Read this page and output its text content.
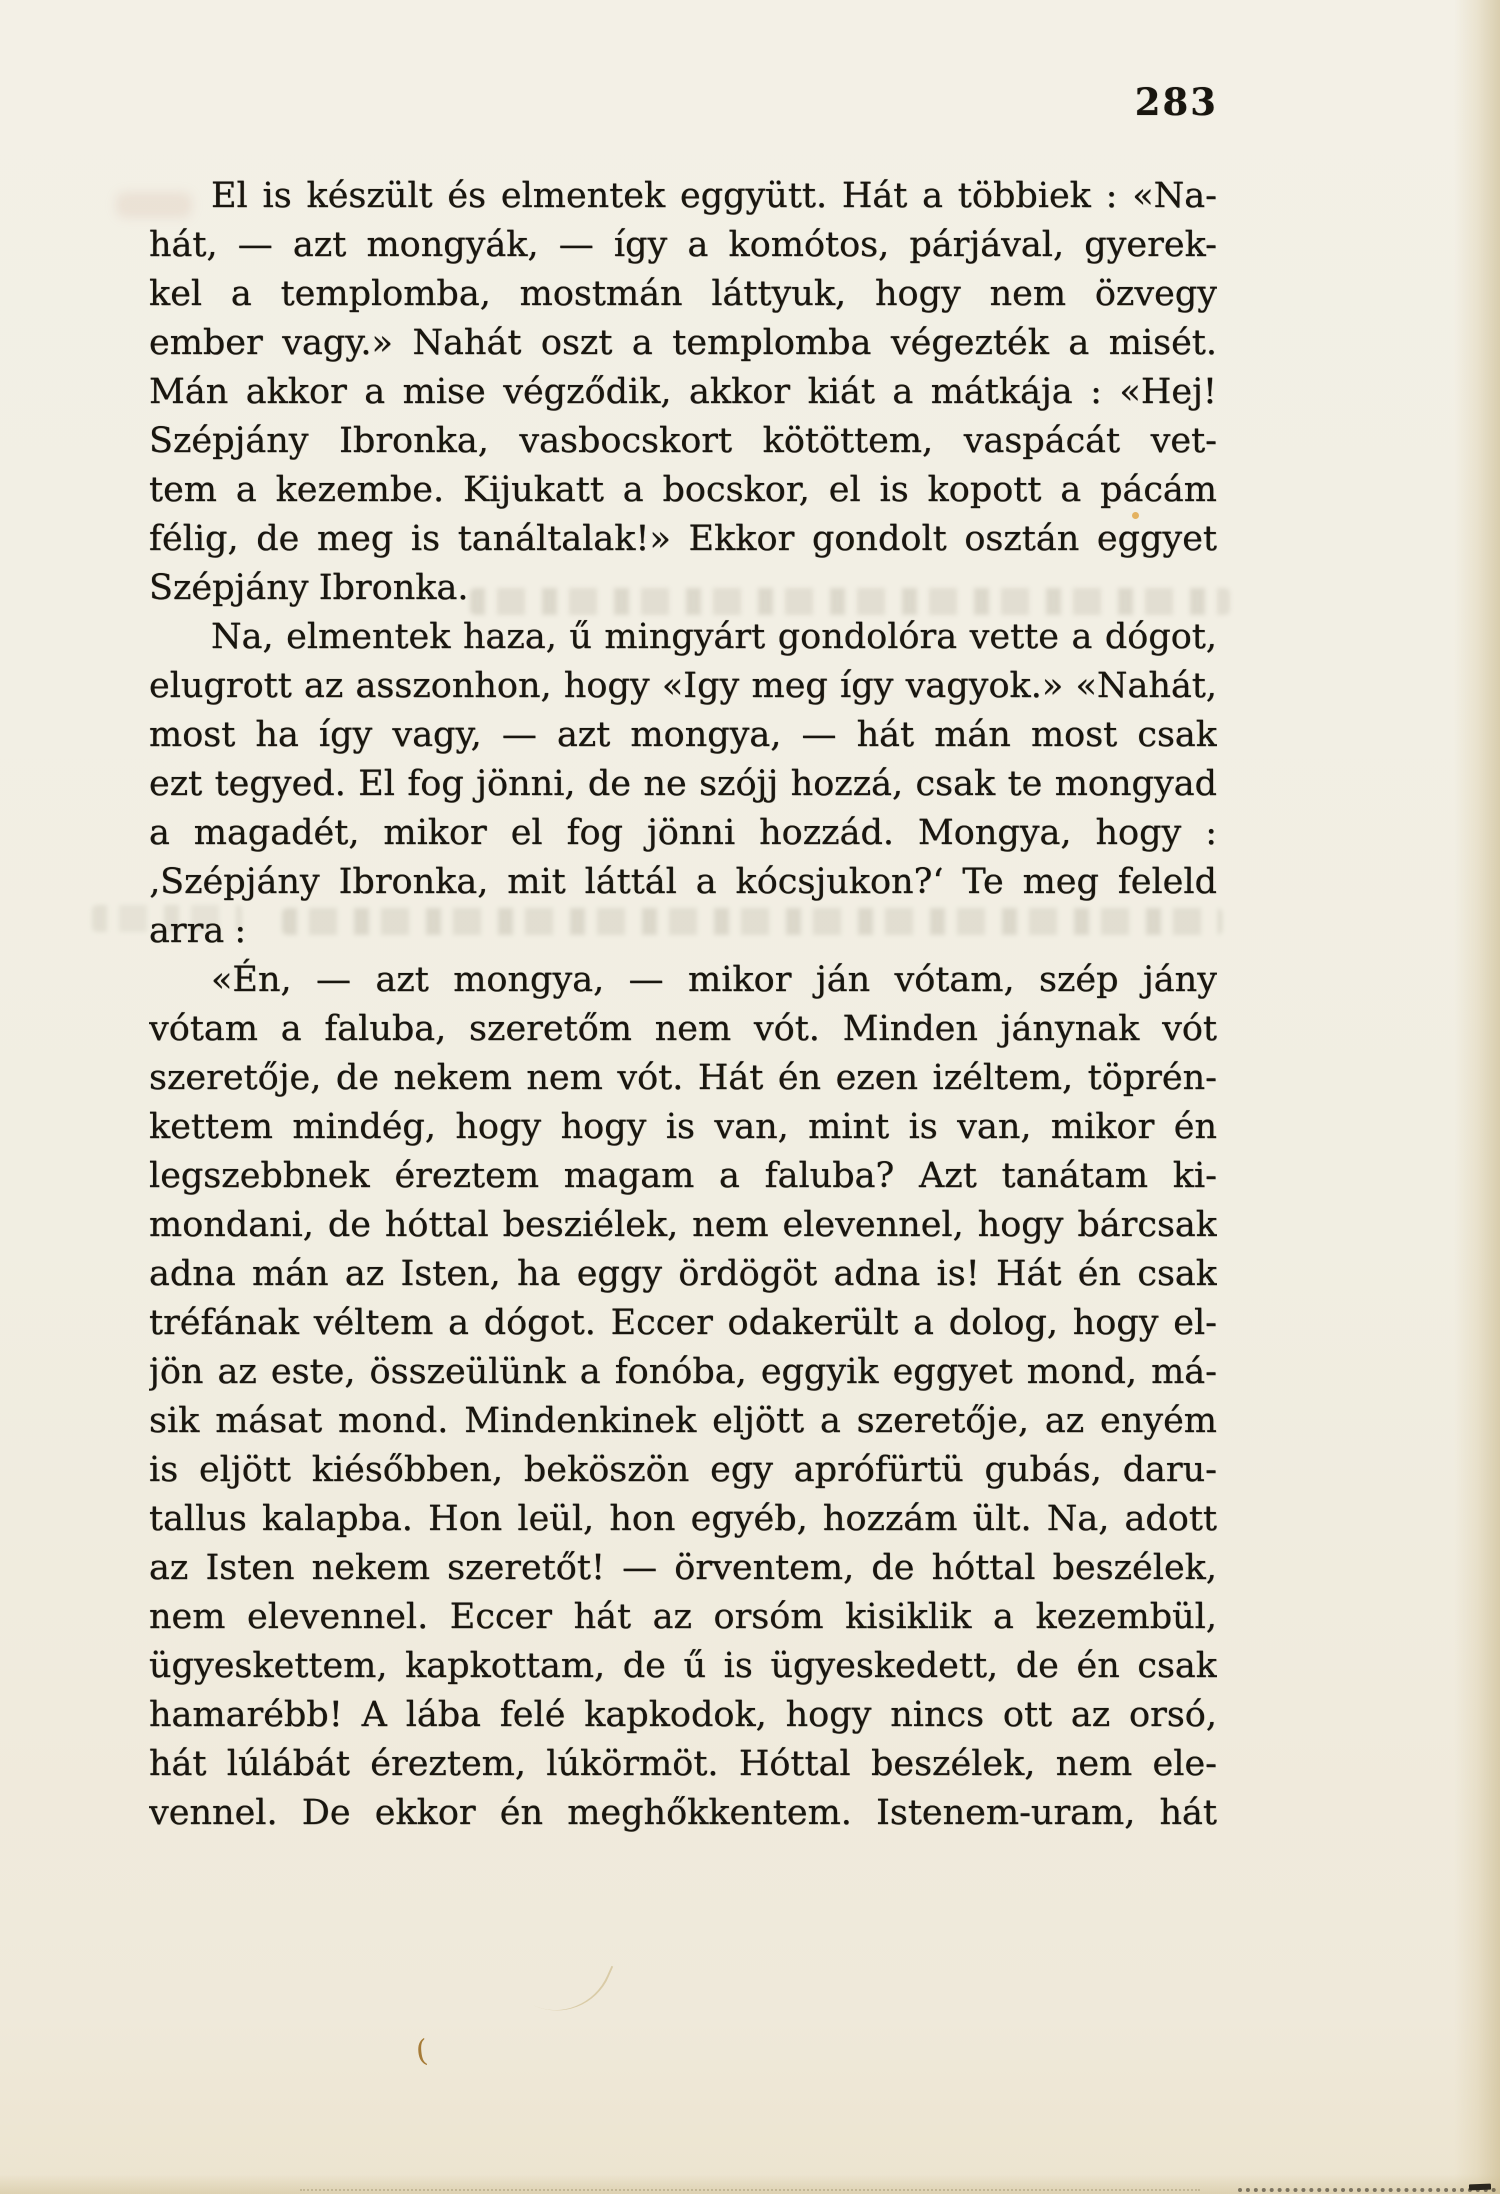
283
El is készült és elmentek eggyütt. Hát a többiek : «Na-
hát, — azt mongyák, — így a komótos, párjával, gyerek-
kel a templomba, mostmán láttyuk, hogy nem özvegy
ember vagy.» Nahát oszt a templomba végezték a misét.
Mán akkor a mise végződik, akkor kiát a mátkája : «Hej!
Szépjány Ibronka, vasbocskort kötöttem, vaspácát vet-
tem a kezembe. Kijukatt a bocskor, el is kopott a pácám
félig, de meg is tanáltalak!» Ekkor gondolt osztán eggyet
Szépjány Ibronka.
Na, elmentek haza, ű mingyárt gondolóra vette a dógot,
elugrott az asszonhon, hogy «Igy meg így vagyok.» «Nahát,
most ha így vagy, — azt mongya, — hát mán most csak
ezt tegyed. El fog jönni, de ne szójj hozzá, csak te mongyad
a magadét, mikor el fog jönni hozzád. Mongya, hogy :
‚Szépjány Ibronka, mit láttál a kócsjukon?‘ Te meg feleld
arra :
«Én, — azt mongya, — mikor ján vótam, szép jány
vótam a faluba, szeretőm nem vót. Minden jánynak vót
szeretője, de nekem nem vót. Hát én ezen izéltem, töprén-
kettem mindég, hogy hogy is van, mint is van, mikor én
legszebbnek éreztem magam a faluba? Azt tanátam ki-
mondani, de hóttal besziélek, nem elevennel, hogy bárcsak
adna mán az Isten, ha eggy ördögöt adna is! Hát én csak
tréfának véltem a dógot. Eccer odakerült a dolog, hogy el-
jön az este, összeülünk a fonóba, eggyik eggyet mond, má-
sik másat mond. Mindenkinek eljött a szeretője, az enyém
is eljött kiésőbben, beköszön egy aprófürtü gubás, daru-
tallus kalapba. Hon leül, hon egyéb, hozzám ült. Na, adott
az Isten nekem szeretőt! — örventem, de hóttal beszélek,
nem elevennel. Eccer hát az orsóm kisiklik a kezembül,
ügyeskettem, kapkottam, de ű is ügyeskedett, de én csak
hamarébb! A lába felé kapkodok, hogy nincs ott az orsó,
hát lúlábát éreztem, lúkörmöt. Hóttal beszélek, nem ele-
vennel. De ekkor én meghőkkentem. Istenem-uram, hát
(
